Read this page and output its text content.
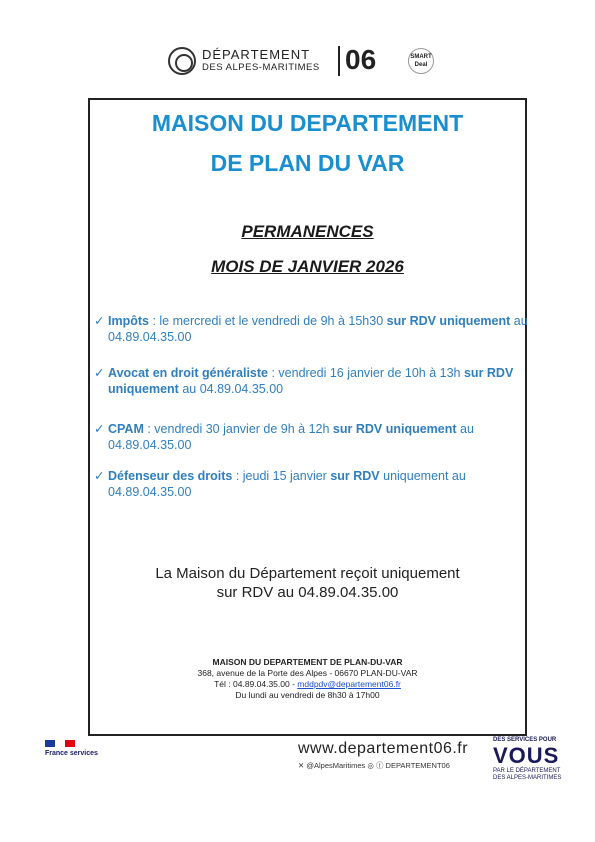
DÉPARTEMENT
DES ALPES-MARITIMES 06	SMART Deal
MAISON DU DEPARTEMENT
DE PLAN DU VAR
PERMANENCES
MOIS DE JANVIER 2026
✓ Impôts : le mercredi et le vendredi de 9h à 15h30 sur RDV uniquement au 04.89.04.35.00
✓ Avocat en droit généraliste : vendredi 16 janvier de 10h à 13h sur RDV uniquement au 04.89.04.35.00
✓ CPAM : vendredi 30 janvier de 9h à 12h sur RDV uniquement au 04.89.04.35.00
✓ Défenseur des droits : jeudi 15 janvier sur RDV uniquement au 04.89.04.35.00
La Maison du Département reçoit uniquement
sur RDV au 04.89.04.35.00
MAISON DU DEPARTEMENT DE PLAN-DU-VAR
368, avenue de la Porte des Alpes - 06670 PLAN-DU-VAR
Tél : 04.89.04.35.00 - mddpdv@departement06.fr
Du lundi au vendredi de 8h30 à 17h00
France services	www.departement06.fr
✕ @AlpesMaritimes ◎ ⓕ DEPARTEMENT06
DES SERVICES POUR
VOUS
PAR LE DÉPARTEMENT
DES ALPES-MARITIMES
